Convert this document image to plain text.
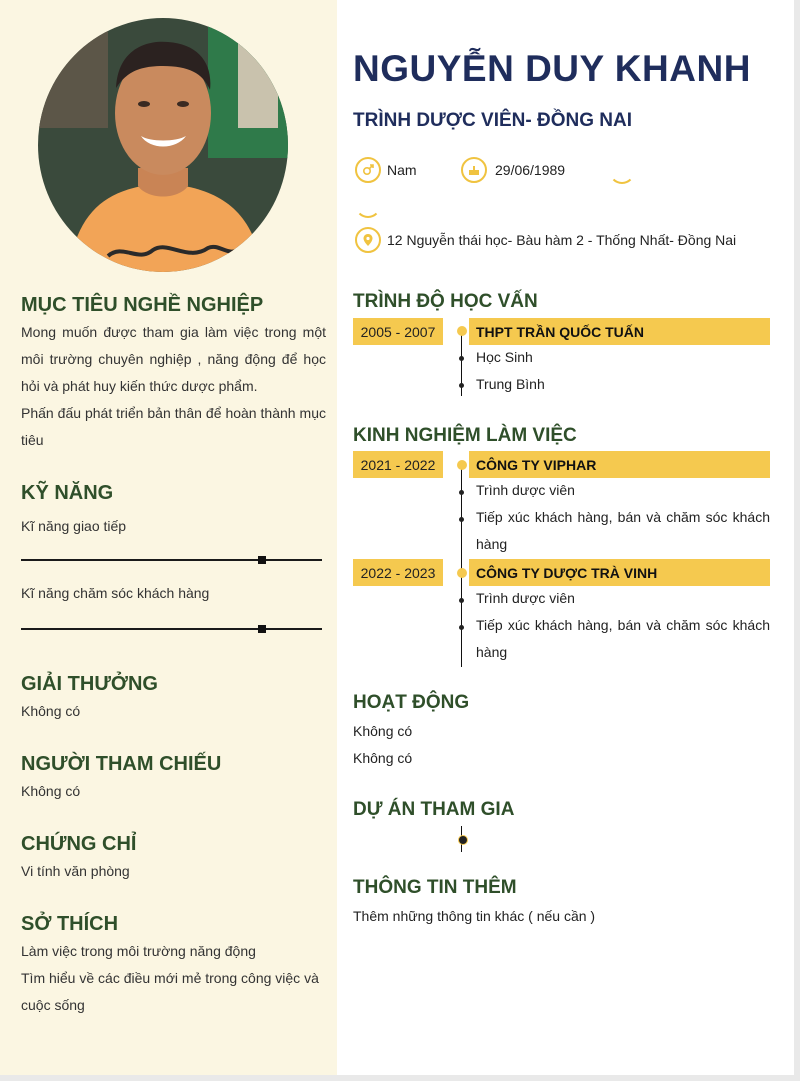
MỤC TIÊU NGHỀ NGHIỆP
Mong muốn được tham gia làm việc trong một môi trường chuyên nghiệp , năng động để học hỏi và phát huy kiến thức dược phẩm.
Phấn đấu phát triển bản thân để hoàn thành mục tiêu
KỸ NĂNG
Kĩ năng giao tiếp
Kĩ năng chăm sóc khách hàng
GIẢI THƯỞNG
Không có
NGƯỜI THAM CHIẾU
Không có
CHỨNG CHỈ
Vi tính văn phòng
SỞ THÍCH
Làm việc trong môi trường năng động
Tìm hiểu về các điều mới mẻ trong công việc và cuộc sống
NGUYỄN DUY KHANH
TRÌNH DƯỢC VIÊN- ĐỒNG NAI
Nam	29/06/1989
12 Nguyễn thái học- Bàu hàm 2 - Thống Nhất- Đồng Nai
TRÌNH ĐỘ HỌC VẤN
2005 - 2007	THPT TRẦN QUỐC TUẤN
Học Sinh
Trung Bình
KINH NGHIỆM LÀM VIỆC
2021 - 2022	CÔNG TY VIPHAR
Trình dược viên
Tiếp xúc khách hàng, bán và chăm sóc khách hàng
2022 - 2023	CÔNG TY DƯỢC TRÀ VINH
Trình dược viên
Tiếp xúc khách hàng, bán và chăm sóc khách hàng
HOẠT ĐỘNG
Không có
Không có
DỰ ÁN THAM GIA
THÔNG TIN THÊM
Thêm những thông tin khác ( nếu cần )
